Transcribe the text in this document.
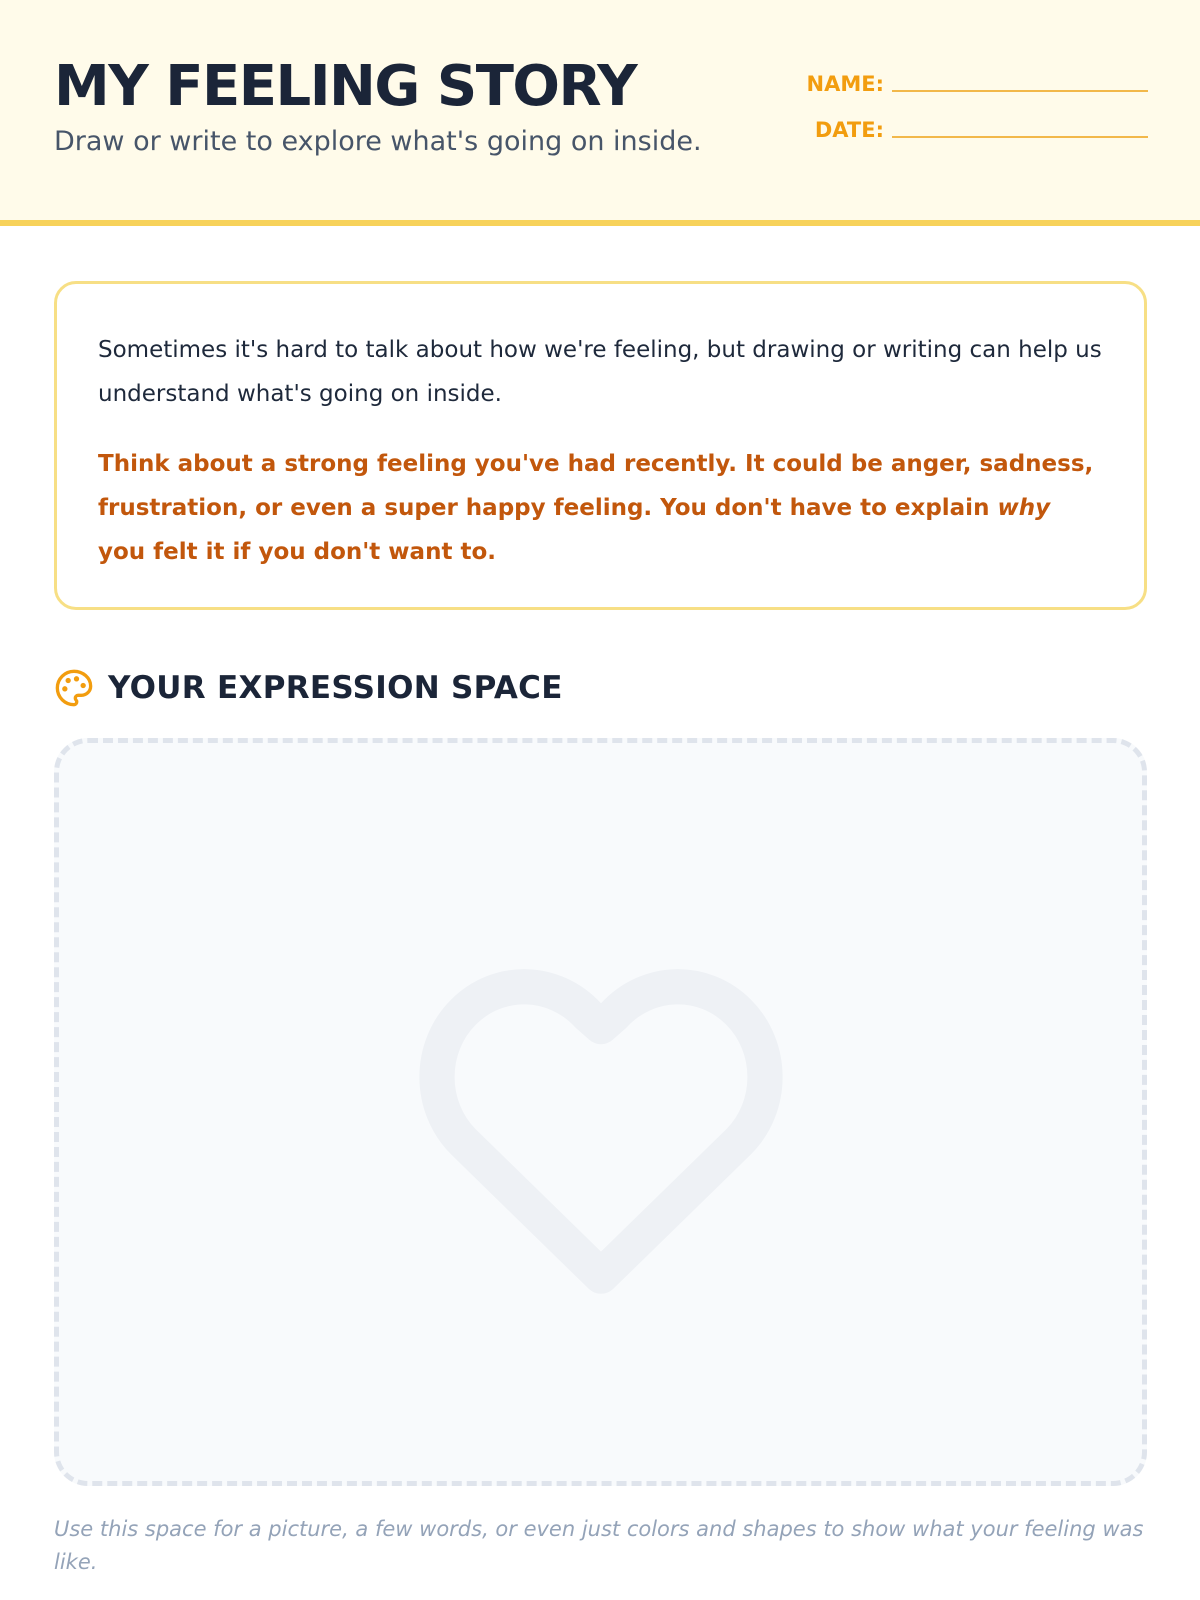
MY FEELING STORY
Draw or write to explore what's going on inside.
NAME:
DATE:

Sometimes it's hard to talk about how we're feeling, but drawing or writing can help us understand what's going on inside.

Think about a strong feeling you've had recently. It could be anger, sadness, frustration, or even a super happy feeling. You don't have to explain why you felt it if you don't want to.

YOUR EXPRESSION SPACE

Use this space for a picture, a few words, or even just colors and shapes to show what your feeling was like.
